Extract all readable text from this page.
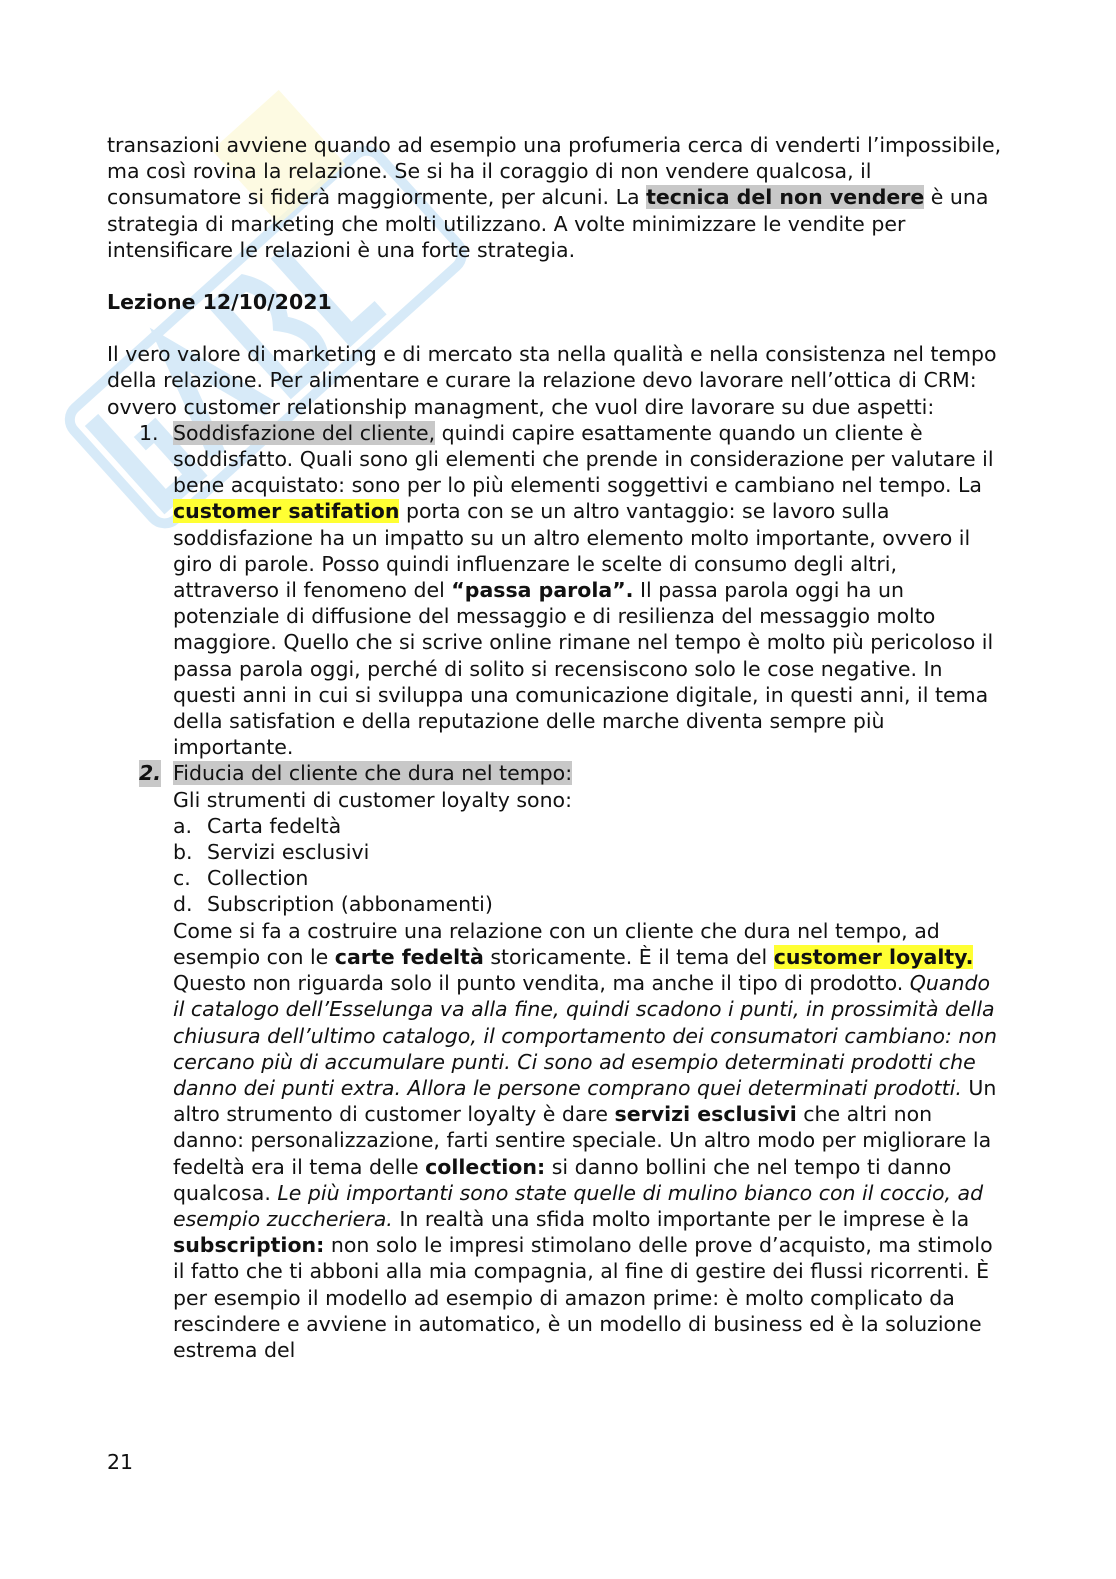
transazioni avviene quando ad esempio una profumeria cerca di venderti l’impossibile, ma così rovina la relazione. Se si ha il coraggio di non vendere qualcosa, il consumatore si fiderà maggiormente, per alcuni. La tecnica del non vendere è una strategia di marketing che molti utilizzano. A volte minimizzare le vendite per intensificare le relazioni è una forte strategia.

Lezione 12/10/2021

Il vero valore di marketing e di mercato sta nella qualità e nella consistenza nel tempo della relazione. Per alimentare e curare la relazione devo lavorare nell’ottica di CRM: ovvero customer relationship managment, che vuol dire lavorare su due aspetti:

1. Soddisfazione del cliente, quindi capire esattamente quando un cliente è soddisfatto. Quali sono gli elementi che prende in considerazione per valutare il bene acquistato: sono per lo più elementi soggettivi e cambiano nel tempo. La customer satifation porta con se un altro vantaggio: se lavoro sulla soddisfazione ha un impatto su un altro elemento molto importante, ovvero il giro di parole. Posso quindi influenzare le scelte di consumo degli altri, attraverso il fenomeno del “passa parola”. Il passa parola oggi ha un potenziale di diffusione del messaggio e di resilienza del messaggio molto maggiore. Quello che si scrive online rimane nel tempo è molto più pericoloso il passa parola oggi, perché di solito si recensiscono solo le cose negative. In questi anni in cui si sviluppa una comunicazione digitale, in questi anni, il tema della satisfation e della reputazione delle marche diventa sempre più importante.
2. Fiducia del cliente che dura nel tempo:

Gli strumenti di customer loyalty sono:

a. Carta fedeltà
b. Servizi esclusivi
c. Collection
d. Subscription (abbonamenti)

Come si fa a costruire una relazione con un cliente che dura nel tempo, ad esempio con le carte fedeltà storicamente. È il tema del customer loyalty. Questo non riguarda solo il punto vendita, ma anche il tipo di prodotto. Quando il catalogo dell’Esselunga va alla fine, quindi scadono i punti, in prossimità della chiusura dell’ultimo catalogo, il comportamento dei consumatori cambiano: non cercano più di accumulare punti. Ci sono ad esempio determinati prodotti che danno dei punti extra. Allora le persone comprano quei determinati prodotti. Un altro strumento di customer loyalty è dare servizi esclusivi che altri non danno: personalizzazione, farti sentire speciale. Un altro modo per migliorare la fedeltà era il tema delle collection: si danno bollini che nel tempo ti danno qualcosa. Le più importanti sono state quelle di mulino bianco con il coccio, ad esempio zuccheriera. In realtà una sfida molto importante per le imprese è la subscription: non solo le impresi stimolano delle prove d’acquisto, ma stimolo il fatto che ti abboni alla mia compagnia, al fine di gestire dei flussi ricorrenti. È per esempio il modello ad esempio di amazon prime: è molto complicato da rescindere e avviene in automatico, è un modello di business ed è la soluzione estrema del

21
